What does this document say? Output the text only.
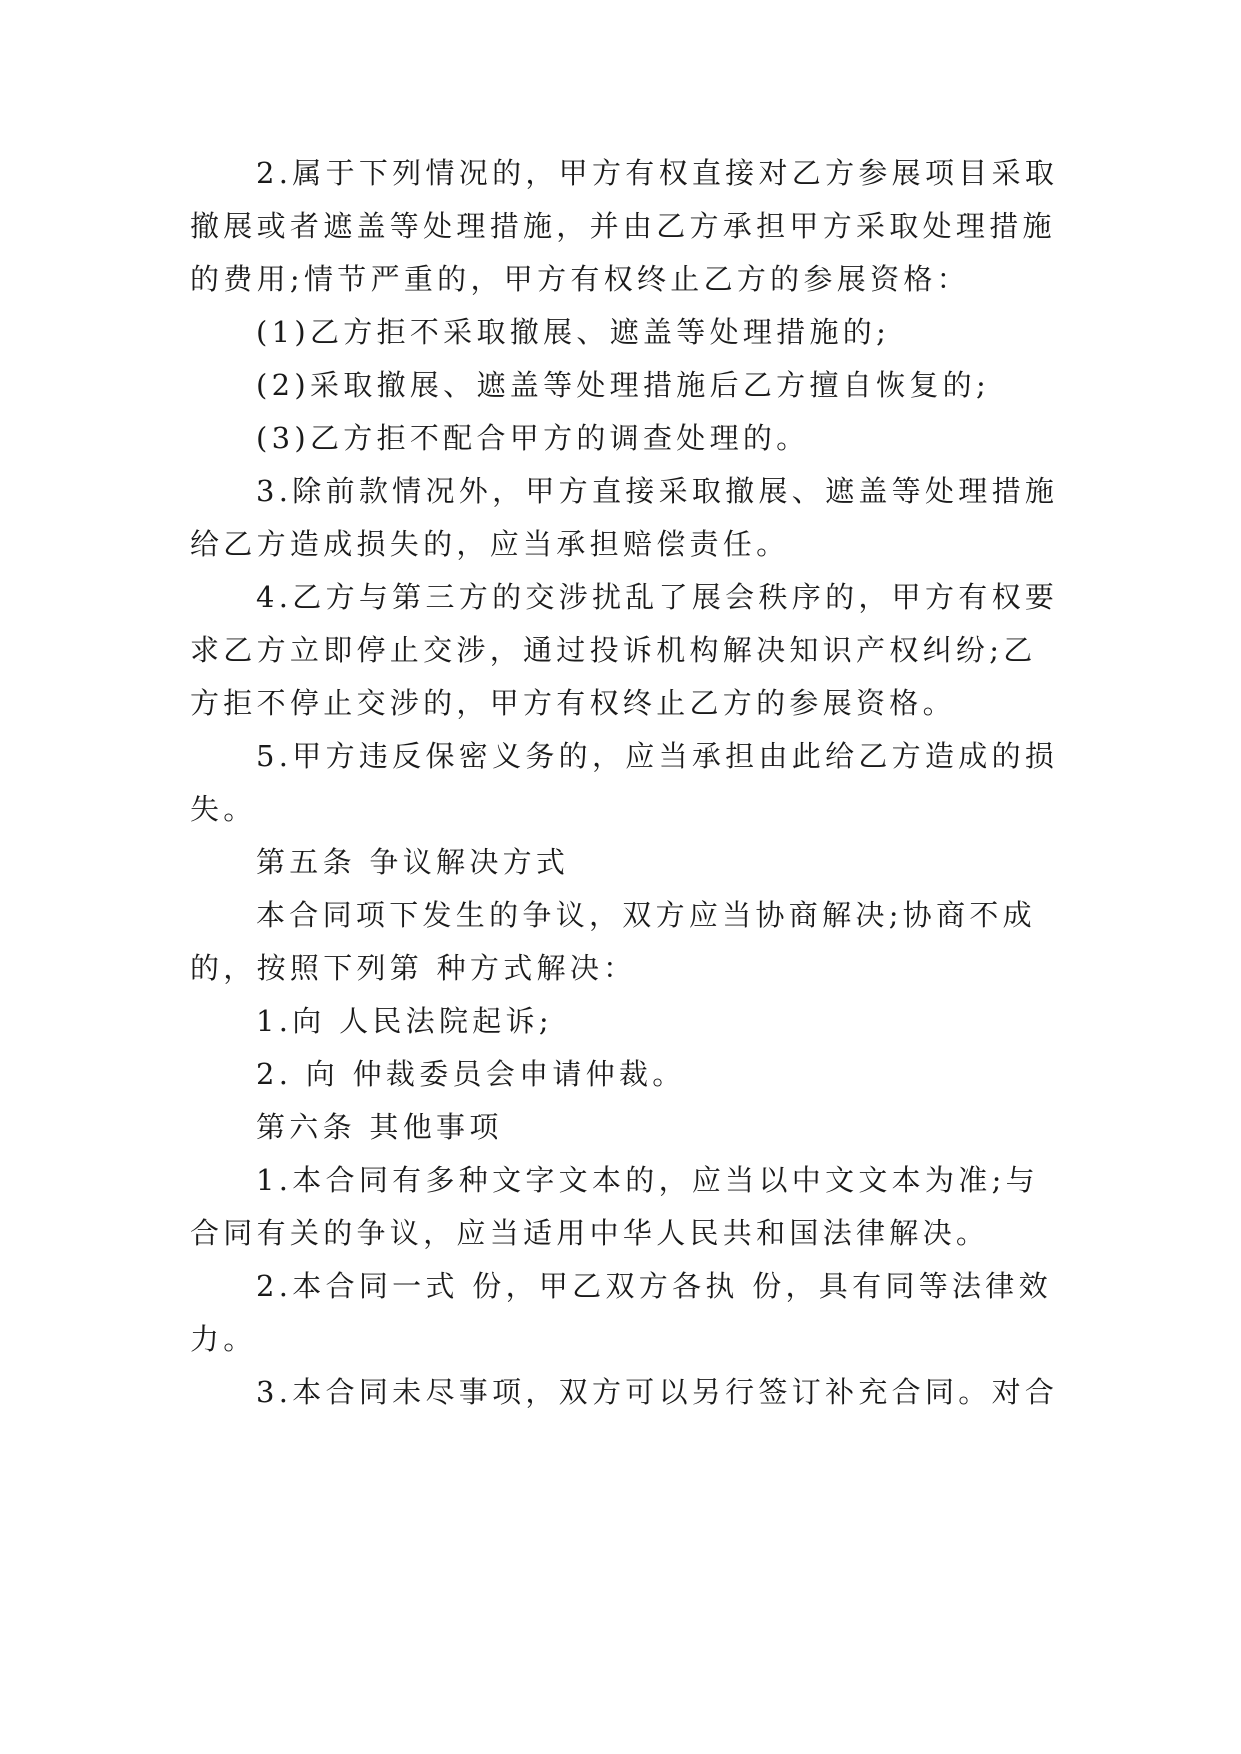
2.属于下列情况的，甲方有权直接对乙方参展项目采取

撤展或者遮盖等处理措施，并由乙方承担甲方采取处理措施

的费用;情节严重的，甲方有权终止乙方的参展资格：

(1)乙方拒不采取撤展、遮盖等处理措施的;

(2)采取撤展、遮盖等处理措施后乙方擅自恢复的;

(3)乙方拒不配合甲方的调查处理的。

3.除前款情况外，甲方直接采取撤展、遮盖等处理措施

给乙方造成损失的，应当承担赔偿责任。

4.乙方与第三方的交涉扰乱了展会秩序的，甲方有权要

求乙方立即停止交涉，通过投诉机构解决知识产权纠纷;乙

方拒不停止交涉的，甲方有权终止乙方的参展资格。

5.甲方违反保密义务的，应当承担由此给乙方造成的损

失。

第五条 争议解决方式

本合同项下发生的争议，双方应当协商解决;协商不成

的，按照下列第 种方式解决：

1.向 人民法院起诉;

2. 向 仲裁委员会申请仲裁。

第六条 其他事项

1.本合同有多种文字文本的，应当以中文文本为准;与

合同有关的争议，应当适用中华人民共和国法律解决。

2.本合同一式 份，甲乙双方各执 份，具有同等法律效

力。

3.本合同未尽事项，双方可以另行签订补充合同。对合
